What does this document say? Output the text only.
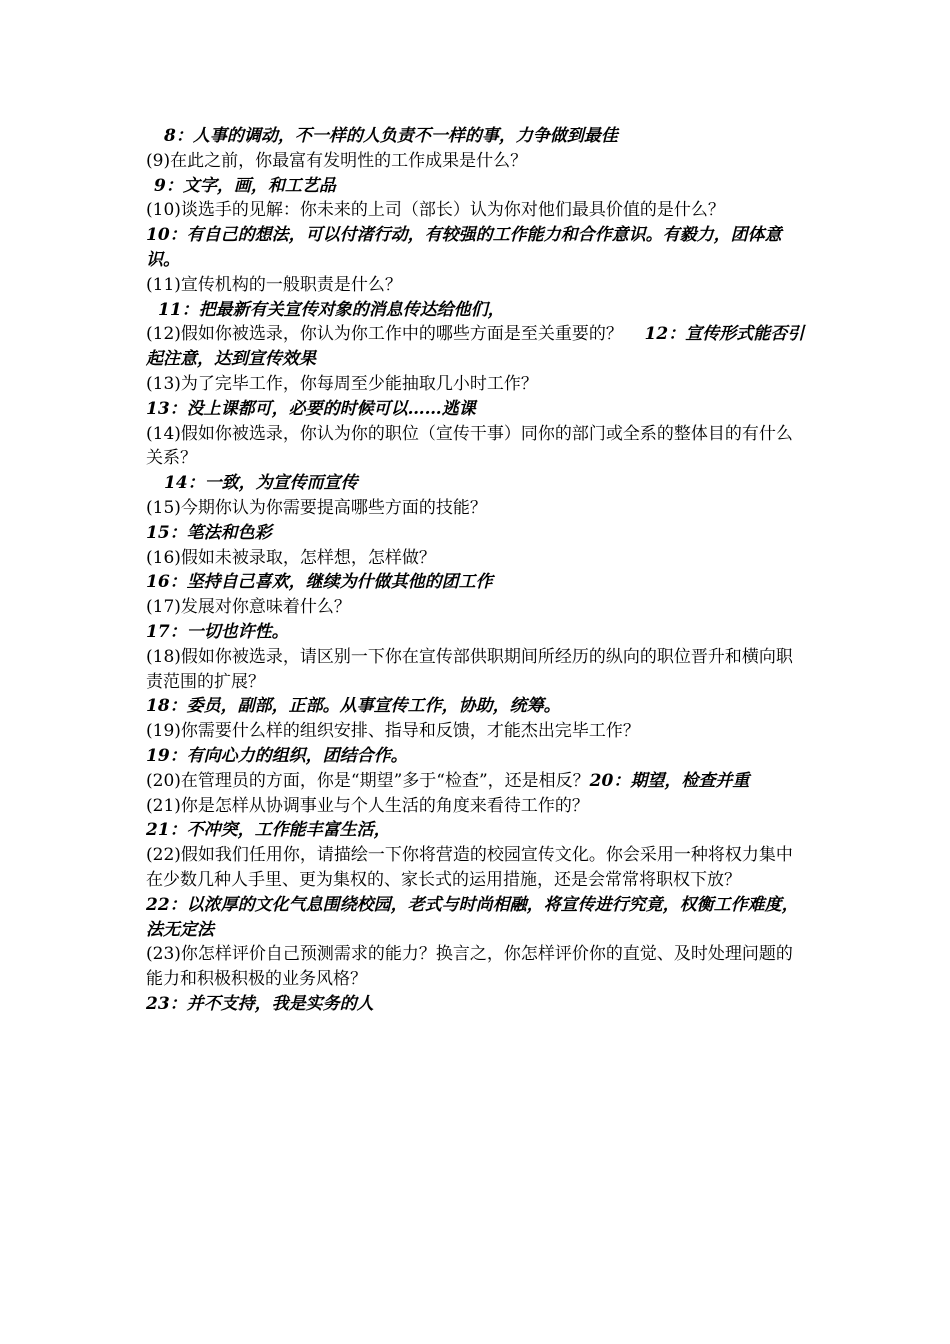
8：人事的调动，不一样的人负责不一样的事，力争做到最佳

(9)在此之前，你最富有发明性的工作成果是什么？

9：文字，画，和工艺品

(10)谈选手的见解：你未来的上司（部长）认为你对他们最具价值的是什么？

10：有自己的想法，可以付渚行动，有较强的工作能力和合作意识。有毅力，团体意识。

(11)宣传机构的一般职责是什么？

11：把最新有关宣传对象的消息传达给他们，

(12)假如你被选录，你认为你工作中的哪些方面是至关重要的？ 12：宣传形式能否引起注意，达到宣传效果

(13)为了完毕工作，你每周至少能抽取几小时工作？

13：没上课都可，必要的时候可以……逃课

(14)假如你被选录，你认为你的职位（宣传干事）同你的部门或全系的整体目的有什么关系？

14：一致，为宣传而宣传

(15)今期你认为你需要提高哪些方面的技能？

15：笔法和色彩

(16)假如未被录取，怎样想，怎样做？

16：坚持自己喜欢，继续为什做其他的团工作

(17)发展对你意味着什么？

17：一切也许性。

(18)假如你被选录，请区别一下你在宣传部供职期间所经历的纵向的职位晋升和横向职责范围的扩展？

18：委员，副部，正部。从事宣传工作，协助，统筹。

(19)你需要什么样的组织安排、指导和反馈，才能杰出完毕工作？

19：有向心力的组织，团结合作。

(20)在管理员的方面，你是“期望”多于“检查”，还是相反？20：期望，检查并重

(21)你是怎样从协调事业与个人生活的角度来看待工作的？

21：不冲突，工作能丰富生活，

(22)假如我们任用你，请描绘一下你将营造的校园宣传文化。你会采用一种将权力集中在少数几种人手里、更为集权的、家长式的运用措施，还是会常常将职权下放？

22：以浓厚的文化气息围绕校园，老式与时尚相融，将宣传进行究竟，权衡工作难度，法无定法

(23)你怎样评价自己预测需求的能力？换言之，你怎样评价你的直觉、及时处理问题的能力和积极积极的业务风格？

23：并不支持，我是实务的人
